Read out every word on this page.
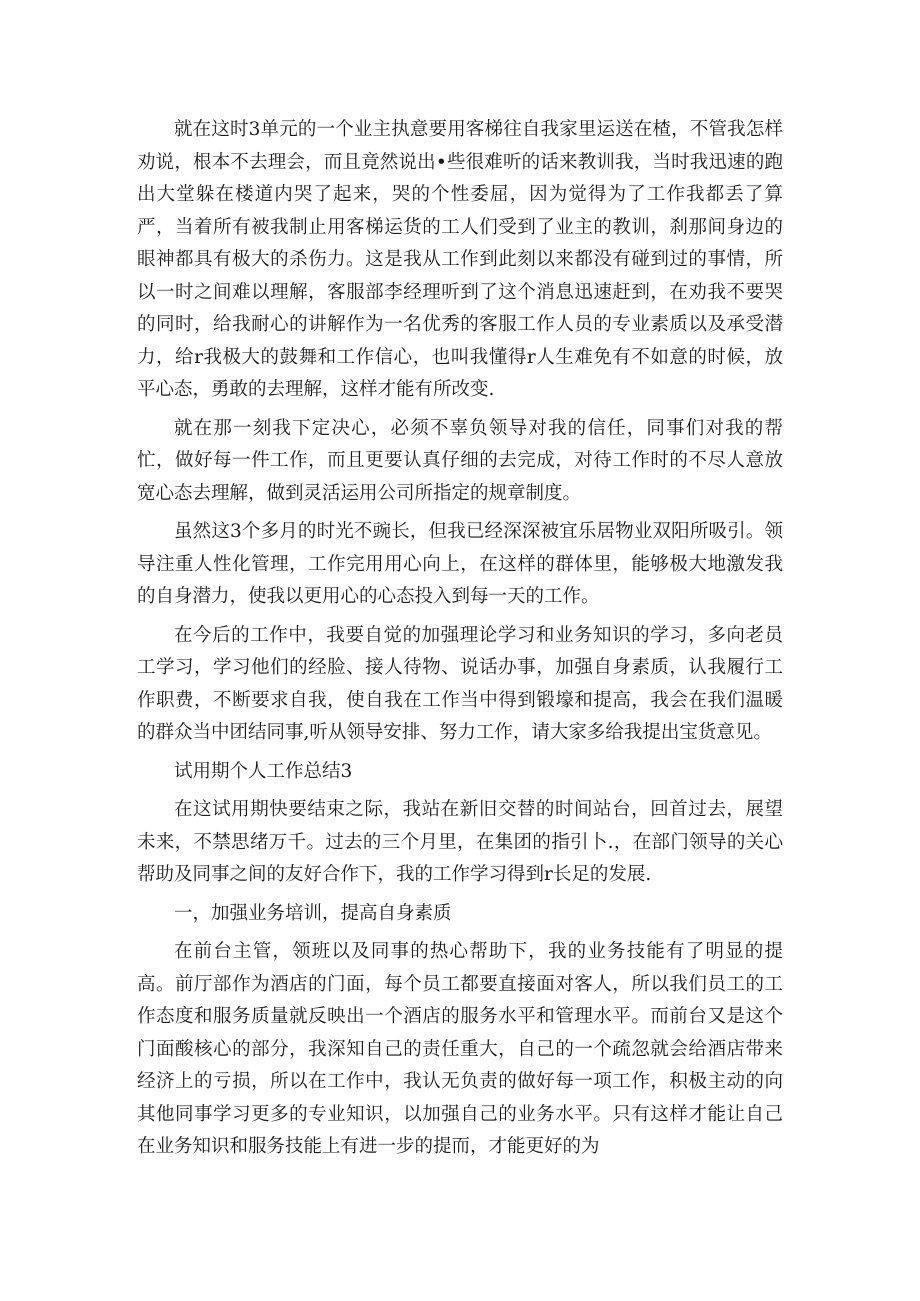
就在这时3单元的一个业主执意要用客梯往自我家里运送在楂，不管我怎样劝说，根本不去理会，而且竟然说出•些很难听的话来教训我，当时我迅速的跑出大堂躲在楼道内哭了起来，哭的个性委屈，因为觉得为了工作我都丢了算严，当着所有被我制止用客梯运货的工人们受到了业主的教训，刹那间身边的眼神都具有极大的杀伤力。这是我从工作到此刻以来都没有碰到过的事情，所以一时之间难以理解，客服部李经理听到了这个消息迅速赶到，在劝我不要哭的同时，给我耐心的讲解作为一名优秀的客服工作人员的专业素质以及承受潜力，给r我极大的鼓舞和工作信心，也叫我懂得r人生难免有不如意的时候，放平心态，勇敢的去理解，这样才能有所改变.

就在那一刻我下定决心，必须不辜负领导对我的信任，同事们对我的帮忙，做好每一件工作，而且更要认真仔细的去完成，对待工作时的不尽人意放宽心态去理解，做到灵活运用公司所指定的规章制度。

虽然这3个多月的时光不豌长，但我已经深深被宜乐居物业双阳所吸引。领导注重人性化管理，工作完用用心向上，在这样的群体里，能够极大地激发我的自身潜力，使我以更用心的心态投入到每一天的工作。

在今后的工作中，我要自觉的加强理论学习和业务知识的学习，多向老员工学习，学习他们的经脸、接人待物、说话办事，加强自身素质，认我履行工作职费，不断要求自我，使自我在工作当中得到锻壕和提高，我会在我们温暖的群众当中团结同事,听从领导安排、努力工作，请大家多给我提出宝货意见。

试用期个人工作总结3

在这试用期快要结束之际，我站在新旧交替的时间站台，回首过去，展望未来，不禁思绪万千。过去的三个月里，在集团的指引卜.，在部门领导的关心帮助及同事之间的友好合作下，我的工作学习得到r长足的发展.

一，加强业务培训，提高自身素质

在前台主管，领班以及同事的热心帮助下，我的业务技能有了明显的提高。前厅部作为酒店的门面，每个员工都要直接面对客人，所以我们员工的工作态度和服务质量就反映出一个酒店的服务水平和管理水平。而前台又是这个门面酸核心的部分，我深知自己的责任重大，自己的一个疏忽就会给酒店带来经济上的亏损，所以在工作中，我认无负责的做好每一项工作，积极主动的向其他同事学习更多的专业知识，以加强自己的业务水平。只有这样才能让自己在业务知识和服务技能上有进一步的提而，才能更好的为
